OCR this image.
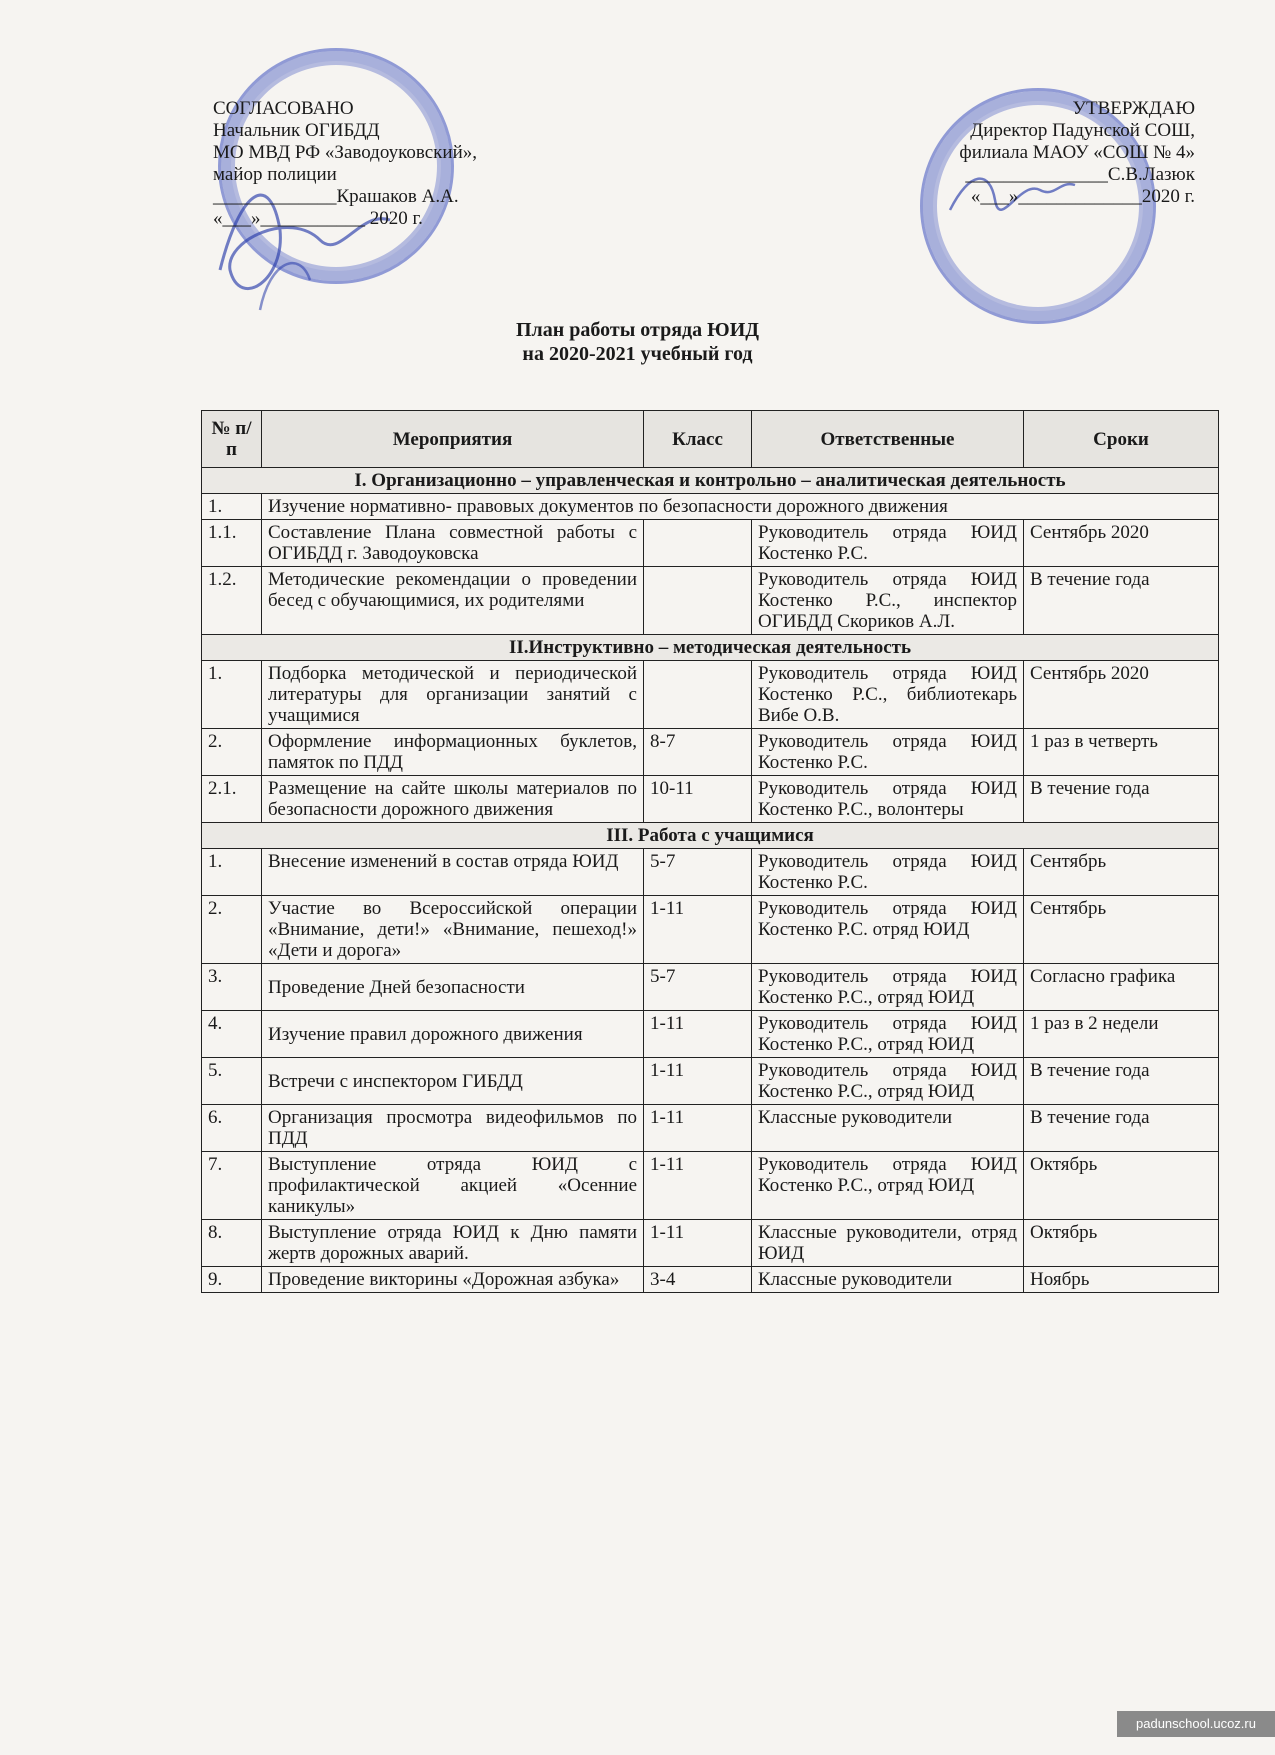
СОГЛАСОВАНО
Начальник ОГИБДД
МО МВД РФ «Заводоуковский»,
майор полиции
_____________Крашаков А.А.
«___»___________ 2020 г.
УТВЕРЖДАЮ
Директор Падунской СОШ,
филиала МАОУ «СОШ № 4»
_______________С.В.Лазюк
«___»_____________2020 г.
План работы отряда ЮИД
на 2020-2021 учебный год
№ п/п	Мероприятия	Класс	Ответственные	Сроки
I. Организационно – управленческая и контрольно – аналитическая деятельность				
1.	Изучение нормативно- правовых документов по безопасности дорожного движения			
1.1.	Составление Плана совместной работы с ОГИБДД г. Заводоуковска		Руководитель отряда ЮИД Костенко Р.С.	Сентябрь 2020
1.2.	Методические рекомендации о проведении бесед с обучающимися, их родителями		Руководитель отряда ЮИД Костенко Р.С., инспектор ОГИБДД Скориков А.Л.	В течение года
II.Инструктивно – методическая деятельность				
1.	Подборка методической и периодической литературы для организации занятий с учащимися		Руководитель отряда ЮИД Костенко Р.С., библиотекарь Вибе О.В.	Сентябрь 2020
2.	Оформление информационных буклетов, памяток по ПДД	8-7	Руководитель отряда ЮИД Костенко Р.С.	1 раз в четверть
2.1.	Размещение на сайте школы материалов по безопасности дорожного движения	10-11	Руководитель отряда ЮИД Костенко Р.С., волонтеры	В течение года
III. Работа с учащимися				
1.	Внесение изменений в состав отряда ЮИД	5-7	Руководитель отряда ЮИД Костенко Р.С.	Сентябрь
2.	Участие во Всероссийской операции «Внимание, дети!» «Внимание, пешеход!» «Дети и дорога»	1-11	Руководитель отряда ЮИД Костенко Р.С. отряд ЮИД	Сентябрь
3.	Проведение Дней безопасности	5-7	Руководитель отряда ЮИД Костенко Р.С., отряд ЮИД	Согласно графика
4.	Изучение правил дорожного движения	1-11	Руководитель отряда ЮИД Костенко Р.С., отряд ЮИД	1 раз в 2 недели
5.	Встречи с инспектором ГИБДД	1-11	Руководитель отряда ЮИД Костенко Р.С., отряд ЮИД	В течение года
6.	Организация просмотра видеофильмов по ПДД	1-11	Классные руководители	В течение года
7.	Выступление отряда ЮИД с профилактической акцией «Осенние каникулы»	1-11	Руководитель отряда ЮИД Костенко Р.С., отряд ЮИД	Октябрь
8.	Выступление отряда ЮИД к Дню памяти жертв дорожных аварий.	1-11	Классные руководители, отряд ЮИД	Октябрь
9.	Проведение викторины «Дорожная азбука»	3-4	Классные руководители	Ноябрь
padunschool.ucoz.ru
